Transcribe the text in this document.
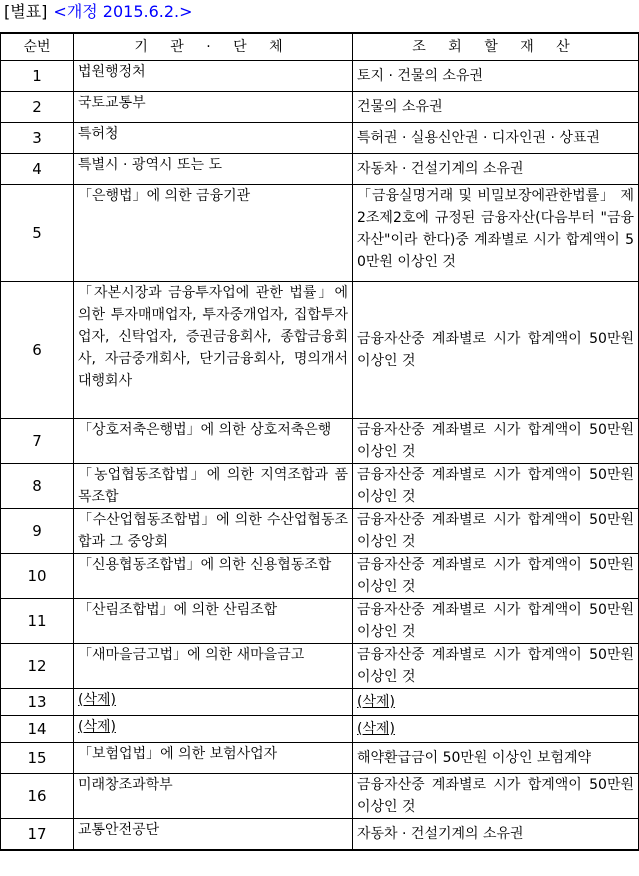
[별표] <개정 2015.6.2.>
순번	기 관 · 단 체	조 회 할 재 산
1	법원행정처	토지 · 건물의 소유권
2	국토교통부	건물의 소유권
3	특허청	특허권 · 실용신안권 · 디자인권 · 상표권
4	특별시 · 광역시 또는 도	자동차 · 건설기계의 소유권
5	「은행법」에 의한 금융기관	「금융실명거래 및 비밀보장에관한법률」 제2조제2호에 규정된 금융자산(다음부터 "금융자산"이라 한다)중 계좌별로 시가 합계액이 50만원 이상인 것
6	「자본시장과 금융투자업에 관한 법률」에 의한 투자매매업자, 투자중개업자, 집합투자업자, 신탁업자, 증권금융회사, 종합금융회사, 자금중개회사, 단기금융회사, 명의개서대행회사	금융자산중 계좌별로 시가 합계액이 50만원 이상인 것
7	「상호저축은행법」에 의한 상호저축은행	금융자산중 계좌별로 시가 합계액이 50만원 이상인 것
8	「농업협동조합법」에 의한 지역조합과 품목조합	금융자산중 계좌별로 시가 합계액이 50만원 이상인 것
9	「수산업협동조합법」에 의한 수산업협동조합과 그 중앙회	금융자산중 계좌별로 시가 합계액이 50만원 이상인 것
10	「신용협동조합법」에 의한 신용협동조합	금융자산중 계좌별로 시가 합계액이 50만원 이상인 것
11	「산림조합법」에 의한 산림조합	금융자산중 계좌별로 시가 합계액이 50만원 이상인 것
12	「새마을금고법」에 의한 새마을금고	금융자산중 계좌별로 시가 합계액이 50만원 이상인 것
13	(삭제)	(삭제)
14	(삭제)	(삭제)
15	「보험업법」에 의한 보험사업자	해약환급금이 50만원 이상인 보험계약
16	미래창조과학부	금융자산중 계좌별로 시가 합계액이 50만원 이상인 것
17	교통안전공단	자동차 · 건설기계의 소유권
